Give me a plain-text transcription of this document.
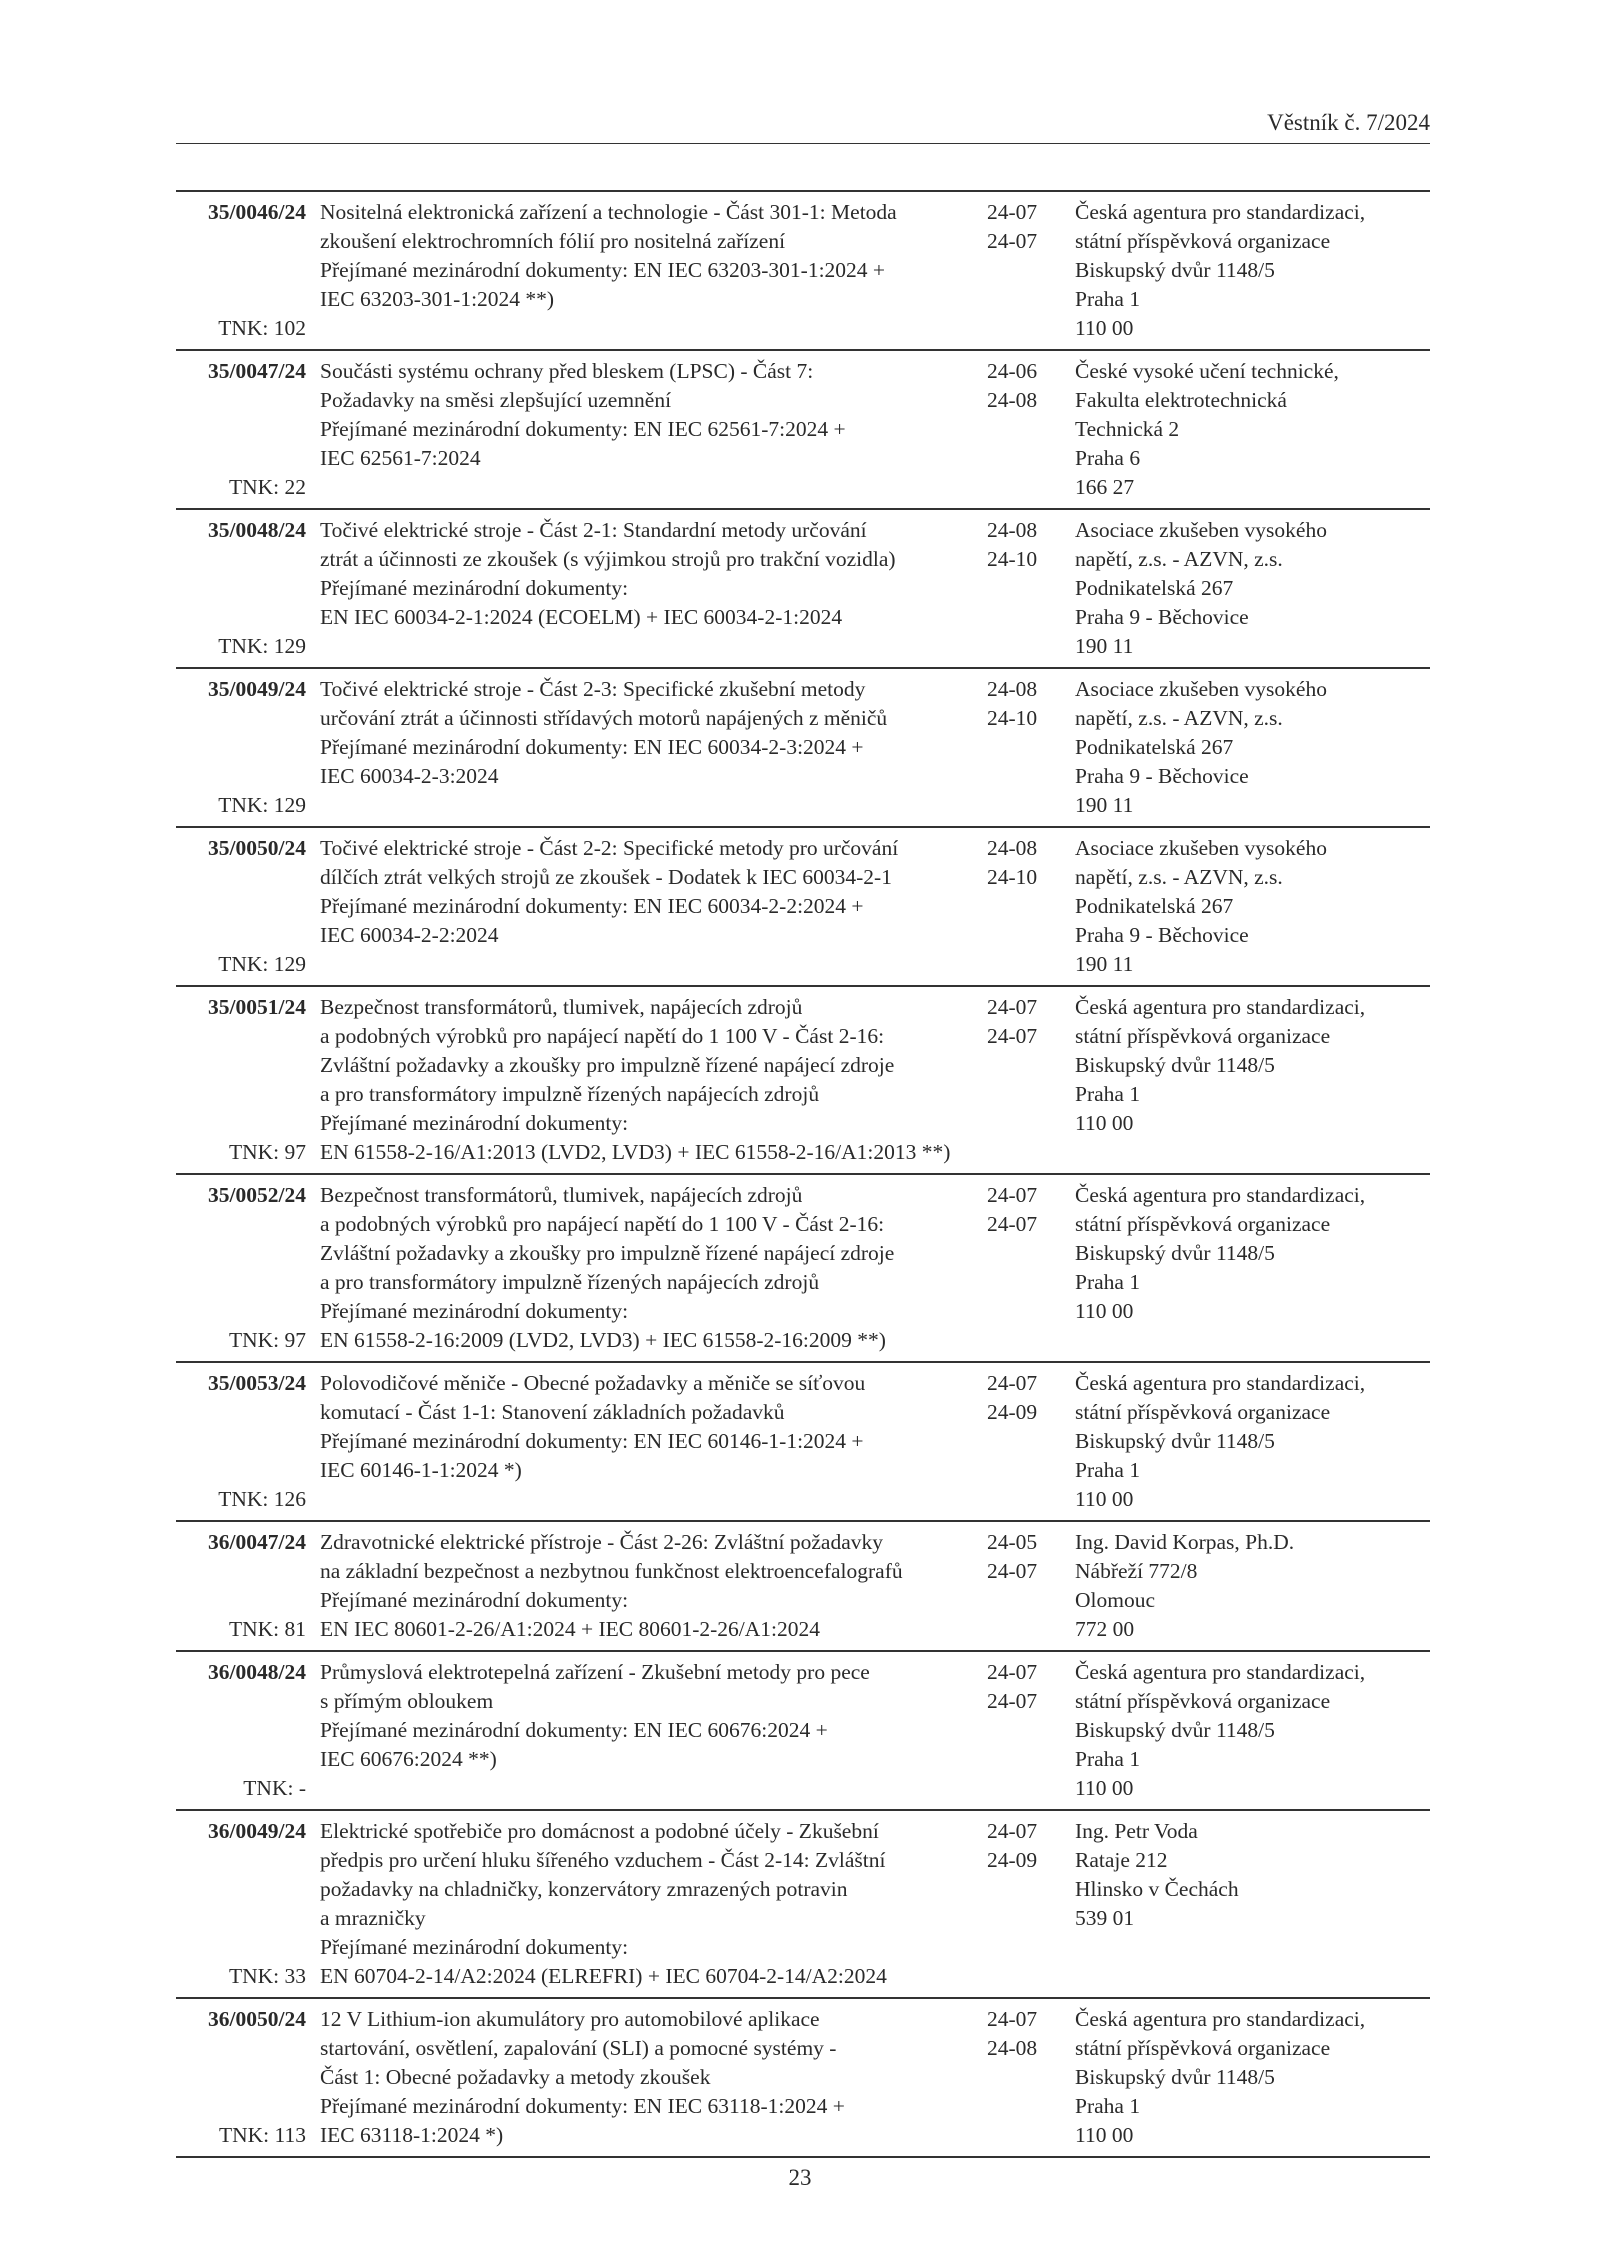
Věstník č. 7/2024
35/0046/24
TNK: 102
Nositelná elektronická zařízení a technologie - Část 301-1: Metoda
zkoušení elektrochromních fólií pro nositelná zařízení
Přejímané mezinárodní dokumenty: EN IEC 63203-301-1:2024 +
IEC 63203-301-1:2024 **)
24-07
24-07
Česká agentura pro standardizaci,
státní příspěvková organizace
Biskupský dvůr 1148/5
Praha 1
110 00
35/0047/24
TNK: 22
Součásti systému ochrany před bleskem (LPSC) - Část 7:
Požadavky na směsi zlepšující uzemnění
Přejímané mezinárodní dokumenty: EN IEC 62561-7:2024 +
IEC 62561-7:2024
24-06
24-08
České vysoké učení technické,
Fakulta elektrotechnická
Technická 2
Praha 6
166 27
35/0048/24
TNK: 129
Točivé elektrické stroje - Část 2-1: Standardní metody určování
ztrát a účinnosti ze zkoušek (s výjimkou strojů pro trakční vozidla)
Přejímané mezinárodní dokumenty:
EN IEC 60034-2-1:2024 (ECOELM) + IEC 60034-2-1:2024
24-08
24-10
Asociace zkušeben vysokého
napětí, z.s. - AZVN, z.s.
Podnikatelská 267
Praha 9 - Běchovice
190 11
35/0049/24
TNK: 129
Točivé elektrické stroje - Část 2-3: Specifické zkušební metody
určování ztrát a účinnosti střídavých motorů napájených z měničů
Přejímané mezinárodní dokumenty: EN IEC 60034-2-3:2024 +
IEC 60034-2-3:2024
24-08
24-10
Asociace zkušeben vysokého
napětí, z.s. - AZVN, z.s.
Podnikatelská 267
Praha 9 - Běchovice
190 11
35/0050/24
TNK: 129
Točivé elektrické stroje - Část 2-2: Specifické metody pro určování
dílčích ztrát velkých strojů ze zkoušek - Dodatek k IEC 60034-2-1
Přejímané mezinárodní dokumenty: EN IEC 60034-2-2:2024 +
IEC 60034-2-2:2024
24-08
24-10
Asociace zkušeben vysokého
napětí, z.s. - AZVN, z.s.
Podnikatelská 267
Praha 9 - Běchovice
190 11
35/0051/24
TNK: 97
Bezpečnost transformátorů, tlumivek, napájecích zdrojů
a podobných výrobků pro napájecí napětí do 1 100 V - Část 2-16:
Zvláštní požadavky a zkoušky pro impulzně řízené napájecí zdroje
a pro transformátory impulzně řízených napájecích zdrojů
Přejímané mezinárodní dokumenty:
EN 61558-2-16/A1:2013 (LVD2, LVD3) + IEC 61558-2-16/A1:2013 **)
24-07
24-07
Česká agentura pro standardizaci,
státní příspěvková organizace
Biskupský dvůr 1148/5
Praha 1
110 00
35/0052/24
TNK: 97
Bezpečnost transformátorů, tlumivek, napájecích zdrojů
a podobných výrobků pro napájecí napětí do 1 100 V - Část 2-16:
Zvláštní požadavky a zkoušky pro impulzně řízené napájecí zdroje
a pro transformátory impulzně řízených napájecích zdrojů
Přejímané mezinárodní dokumenty:
EN 61558-2-16:2009 (LVD2, LVD3) + IEC 61558-2-16:2009 **)
24-07
24-07
Česká agentura pro standardizaci,
státní příspěvková organizace
Biskupský dvůr 1148/5
Praha 1
110 00
35/0053/24
TNK: 126
Polovodičové měniče - Obecné požadavky a měniče se síťovou
komutací - Část 1-1: Stanovení základních požadavků
Přejímané mezinárodní dokumenty: EN IEC 60146-1-1:2024 +
IEC 60146-1-1:2024 *)
24-07
24-09
Česká agentura pro standardizaci,
státní příspěvková organizace
Biskupský dvůr 1148/5
Praha 1
110 00
36/0047/24
TNK: 81
Zdravotnické elektrické přístroje - Část 2-26: Zvláštní požadavky
na základní bezpečnost a nezbytnou funkčnost elektroencefalografů
Přejímané mezinárodní dokumenty:
EN IEC 80601-2-26/A1:2024 + IEC 80601-2-26/A1:2024
24-05
24-07
Ing. David Korpas, Ph.D.
Nábřeží 772/8
Olomouc
772 00
36/0048/24
TNK: -
Průmyslová elektrotepelná zařízení - Zkušební metody pro pece
s přímým obloukem
Přejímané mezinárodní dokumenty: EN IEC 60676:2024 +
IEC 60676:2024 **)
24-07
24-07
Česká agentura pro standardizaci,
státní příspěvková organizace
Biskupský dvůr 1148/5
Praha 1
110 00
36/0049/24
TNK: 33
Elektrické spotřebiče pro domácnost a podobné účely - Zkušební
předpis pro určení hluku šířeného vzduchem - Část 2-14: Zvláštní
požadavky na chladničky, konzervátory zmrazených potravin
a mrazničky
Přejímané mezinárodní dokumenty:
EN 60704-2-14/A2:2024 (ELREFRI) + IEC 60704-2-14/A2:2024
24-07
24-09
Ing. Petr Voda
Rataje 212
Hlinsko v Čechách
539 01
36/0050/24
TNK: 113
12 V Lithium-ion akumulátory pro automobilové aplikace
startování, osvětlení, zapalování (SLI) a pomocné systémy -
Část 1: Obecné požadavky a metody zkoušek
Přejímané mezinárodní dokumenty: EN IEC 63118-1:2024 +
IEC 63118-1:2024 *)
24-07
24-08
Česká agentura pro standardizaci,
státní příspěvková organizace
Biskupský dvůr 1148/5
Praha 1
110 00
23
